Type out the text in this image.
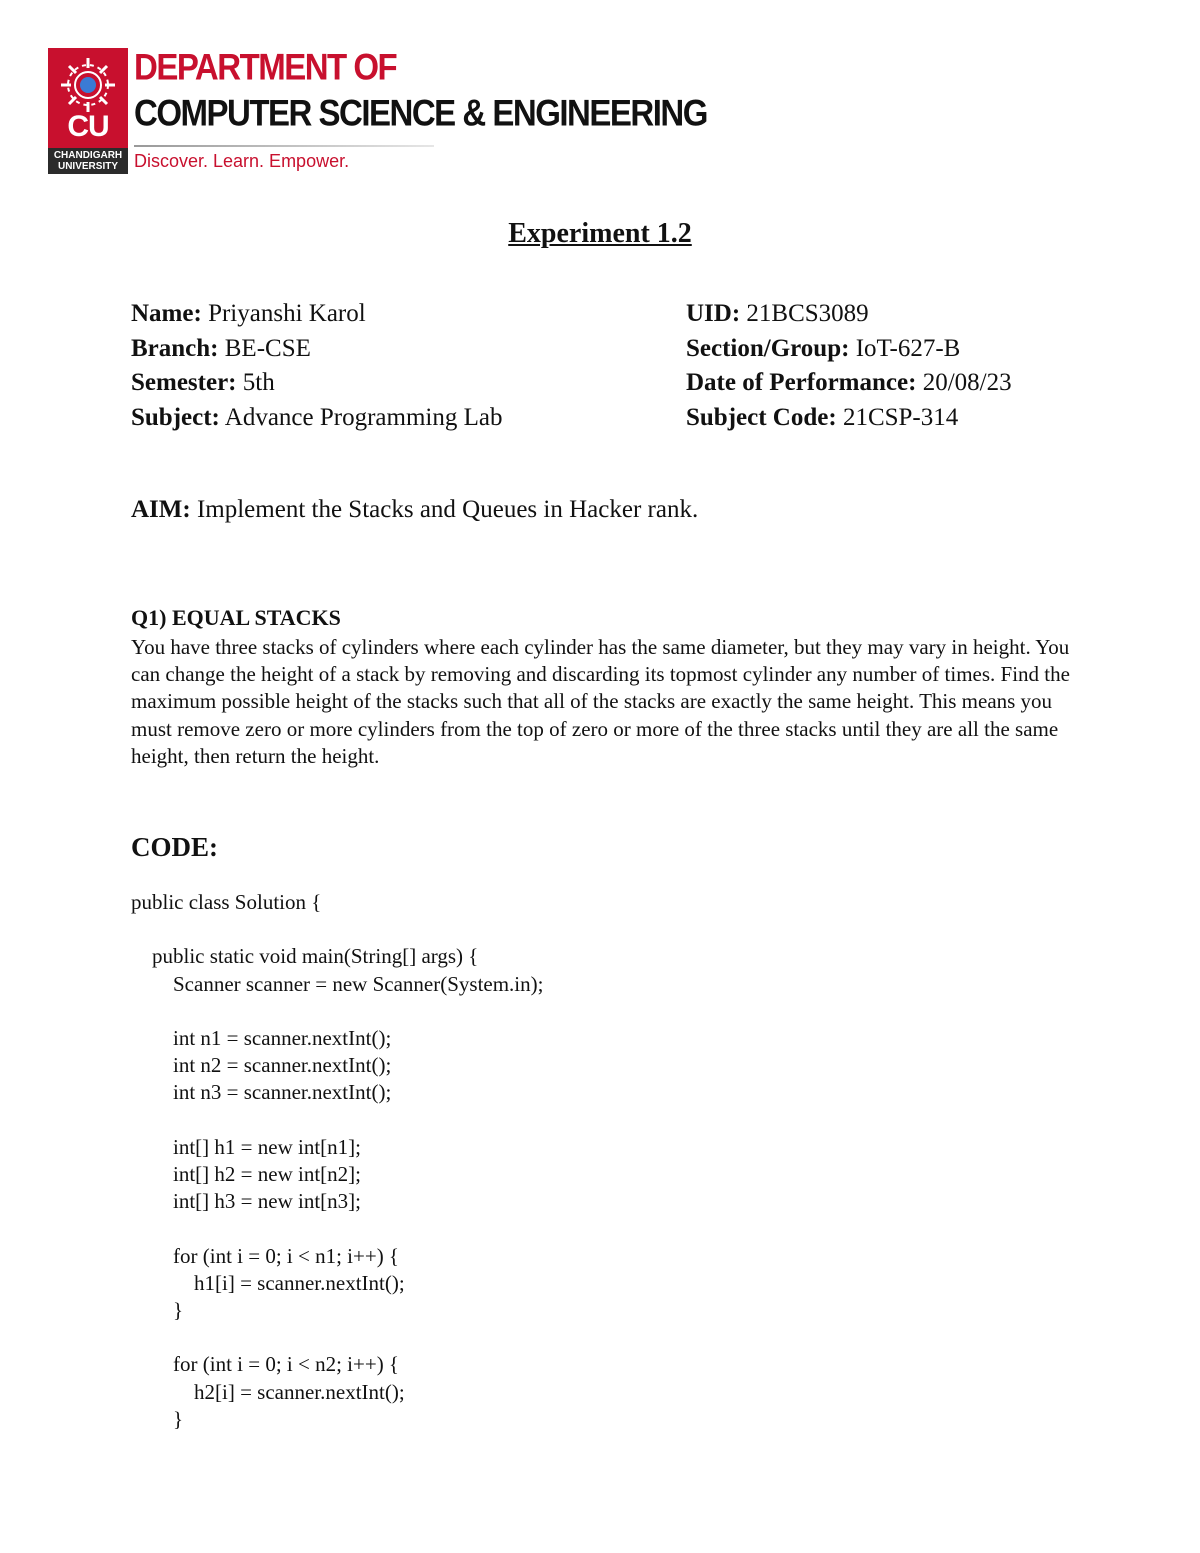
CU
CHANDIGARH UNIVERSITY
DEPARTMENT OF
COMPUTER SCIENCE & ENGINEERING
Discover. Learn. Empower.
Experiment 1.2
Name: Priyanshi Karol
Branch: BE-CSE
Semester: 5th
Subject: Advance Programming Lab
UID: 21BCS3089
Section/Group: IoT-627-B
Date of Performance: 20/08/23
Subject Code: 21CSP-314
AIM: Implement the Stacks and Queues in Hacker rank.
Q1) EQUAL STACKS
You have three stacks of cylinders where each cylinder has the same diameter, but they may vary in height. You can change the height of a stack by removing and discarding its topmost cylinder any number of times. Find the maximum possible height of the stacks such that all of the stacks are exactly the same height. This means you must remove zero or more cylinders from the top of zero or more of the three stacks until they are all the same height, then return the height.
CODE:
public class Solution {

public static void main(String[] args) {
Scanner scanner = new Scanner(System.in);

int n1 = scanner.nextInt();
int n2 = scanner.nextInt();
int n3 = scanner.nextInt();

int[] h1 = new int[n1];
int[] h2 = new int[n2];
int[] h3 = new int[n3];

for (int i = 0; i < n1; i++) {
h1[i] = scanner.nextInt();
}

for (int i = 0; i < n2; i++) {
h2[i] = scanner.nextInt();
}
